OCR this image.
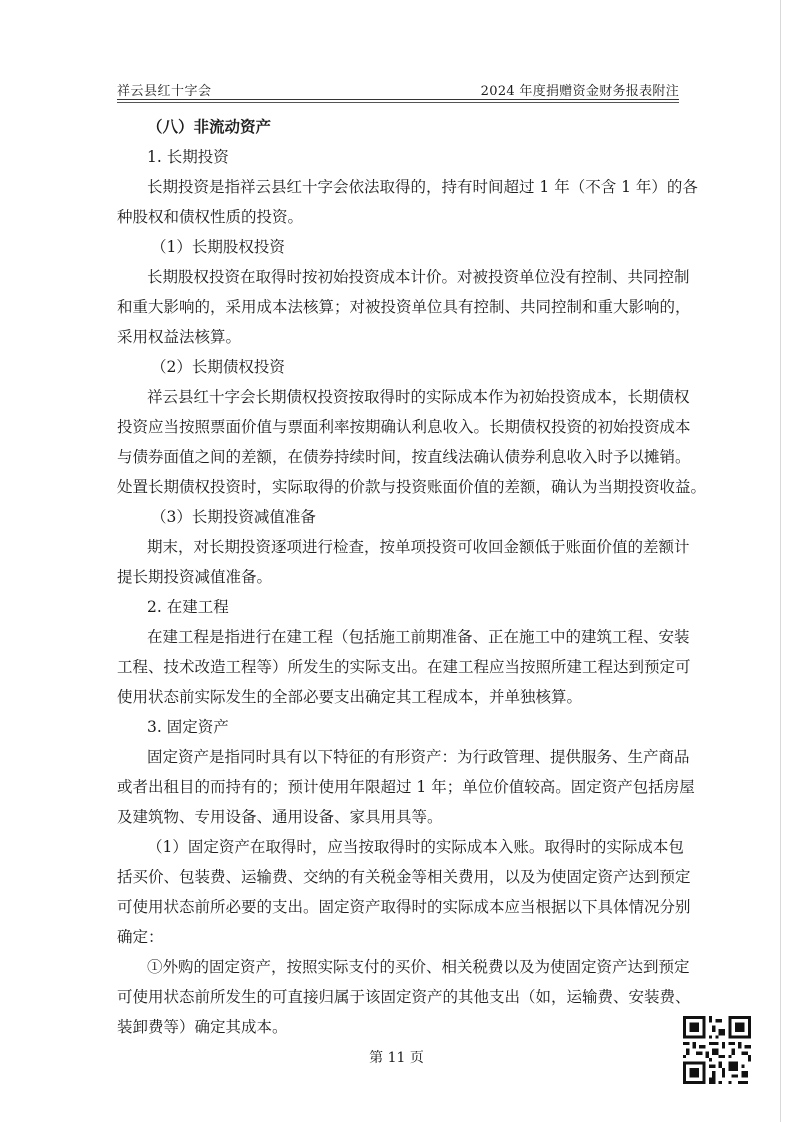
祥云县红十字会	2024 年度捐赠资金财务报表附注
（八）非流动资产
1. 长期投资
长期投资是指祥云县红十字会依法取得的，持有时间超过 1 年（不含 1 年）的各
种股权和债权性质的投资。
（1）长期股权投资
长期股权投资在取得时按初始投资成本计价。对被投资单位没有控制、共同控制
和重大影响的，采用成本法核算；对被投资单位具有控制、共同控制和重大影响的，
采用权益法核算。
（2）长期债权投资
祥云县红十字会长期债权投资按取得时的实际成本作为初始投资成本，长期债权
投资应当按照票面价值与票面利率按期确认利息收入。长期债权投资的初始投资成本
与债券面值之间的差额，在债券持续时间，按直线法确认债券利息收入时予以摊销。
处置长期债权投资时，实际取得的价款与投资账面价值的差额，确认为当期投资收益。
（3）长期投资减值准备
期末，对长期投资逐项进行检查，按单项投资可收回金额低于账面价值的差额计
提长期投资减值准备。
2. 在建工程
在建工程是指进行在建工程（包括施工前期准备、正在施工中的建筑工程、安装
工程、技术改造工程等）所发生的实际支出。在建工程应当按照所建工程达到预定可
使用状态前实际发生的全部必要支出确定其工程成本，并单独核算。
3. 固定资产
固定资产是指同时具有以下特征的有形资产：为行政管理、提供服务、生产商品
或者出租目的而持有的；预计使用年限超过 1 年；单位价值较高。固定资产包括房屋
及建筑物、专用设备、通用设备、家具用具等。
（1）固定资产在取得时，应当按取得时的实际成本入账。取得时的实际成本包
括买价、包装费、运输费、交纳的有关税金等相关费用，以及为使固定资产达到预定
可使用状态前所必要的支出。固定资产取得时的实际成本应当根据以下具体情况分别
确定：
①外购的固定资产，按照实际支付的买价、相关税费以及为使固定资产达到预定
可使用状态前所发生的可直接归属于该固定资产的其他支出（如，运输费、安装费、
装卸费等）确定其成本。
第 11 页
